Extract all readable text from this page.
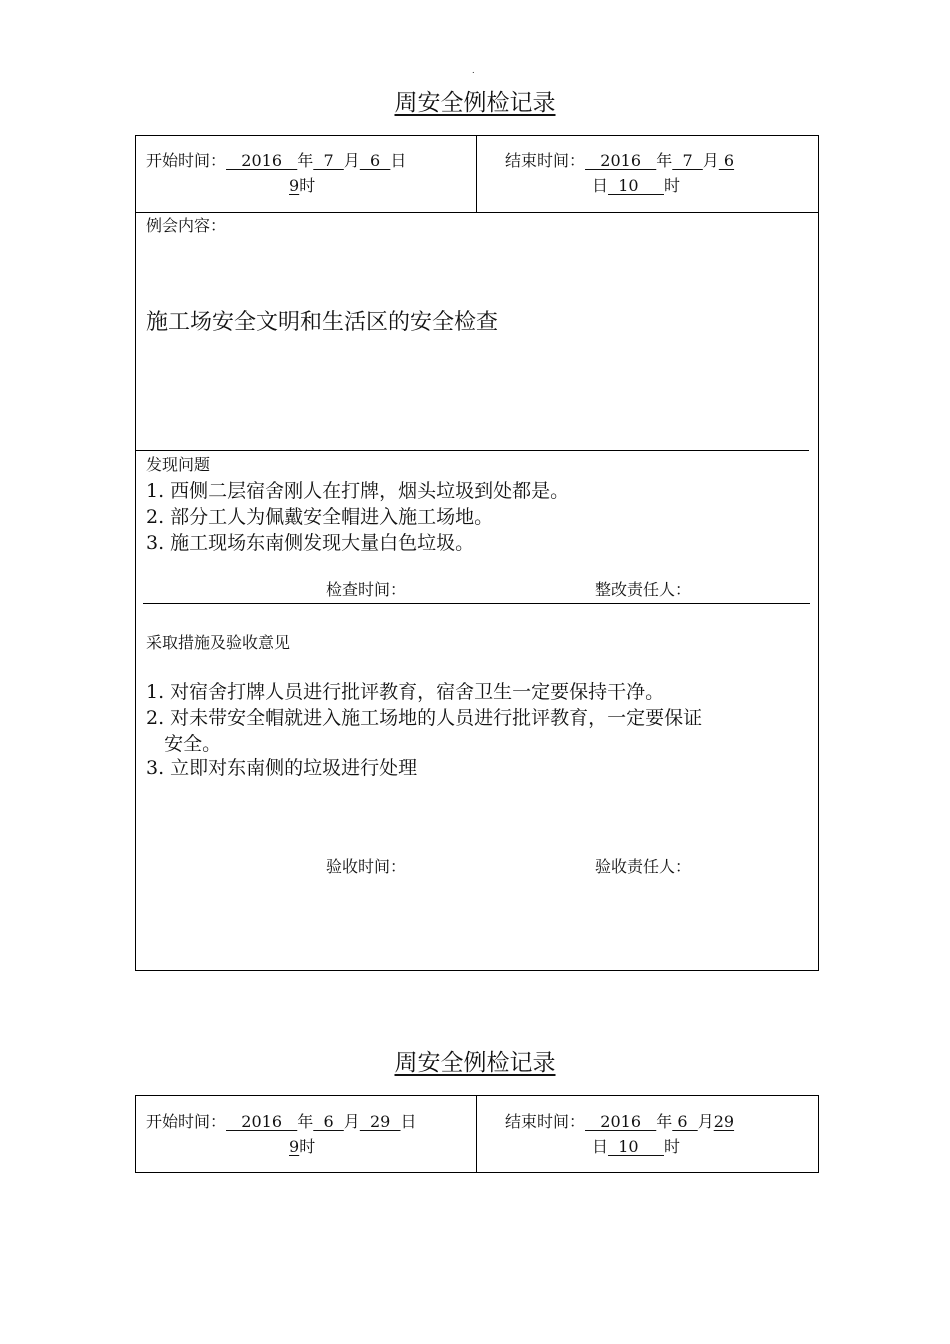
.
周安全例检记录
开始时间：   2016   年  7  月  6  日
9时
结束时间：   2016   年  7  月 6
日  10     时
例会内容：
施工场安全文明和生活区的安全检查
发现问题
1. 西侧二层宿舍刚人在打牌，烟头垃圾到处都是。
2. 部分工人为佩戴安全帽进入施工场地。
3. 施工现场东南侧发现大量白色垃圾。
检查时间：	整改责任人：
采取措施及验收意见
1. 对宿舍打牌人员进行批评教育，宿舍卫生一定要保持干净。
2. 对未带安全帽就进入施工场地的人员进行批评教育，一定要保证
安全。
3. 立即对东南侧的垃圾进行处理
验收时间：	验收责任人：
周安全例检记录
开始时间：   2016   年  6  月  29  日
9时
结束时间：   2016   年 6  月29
日  10     时
